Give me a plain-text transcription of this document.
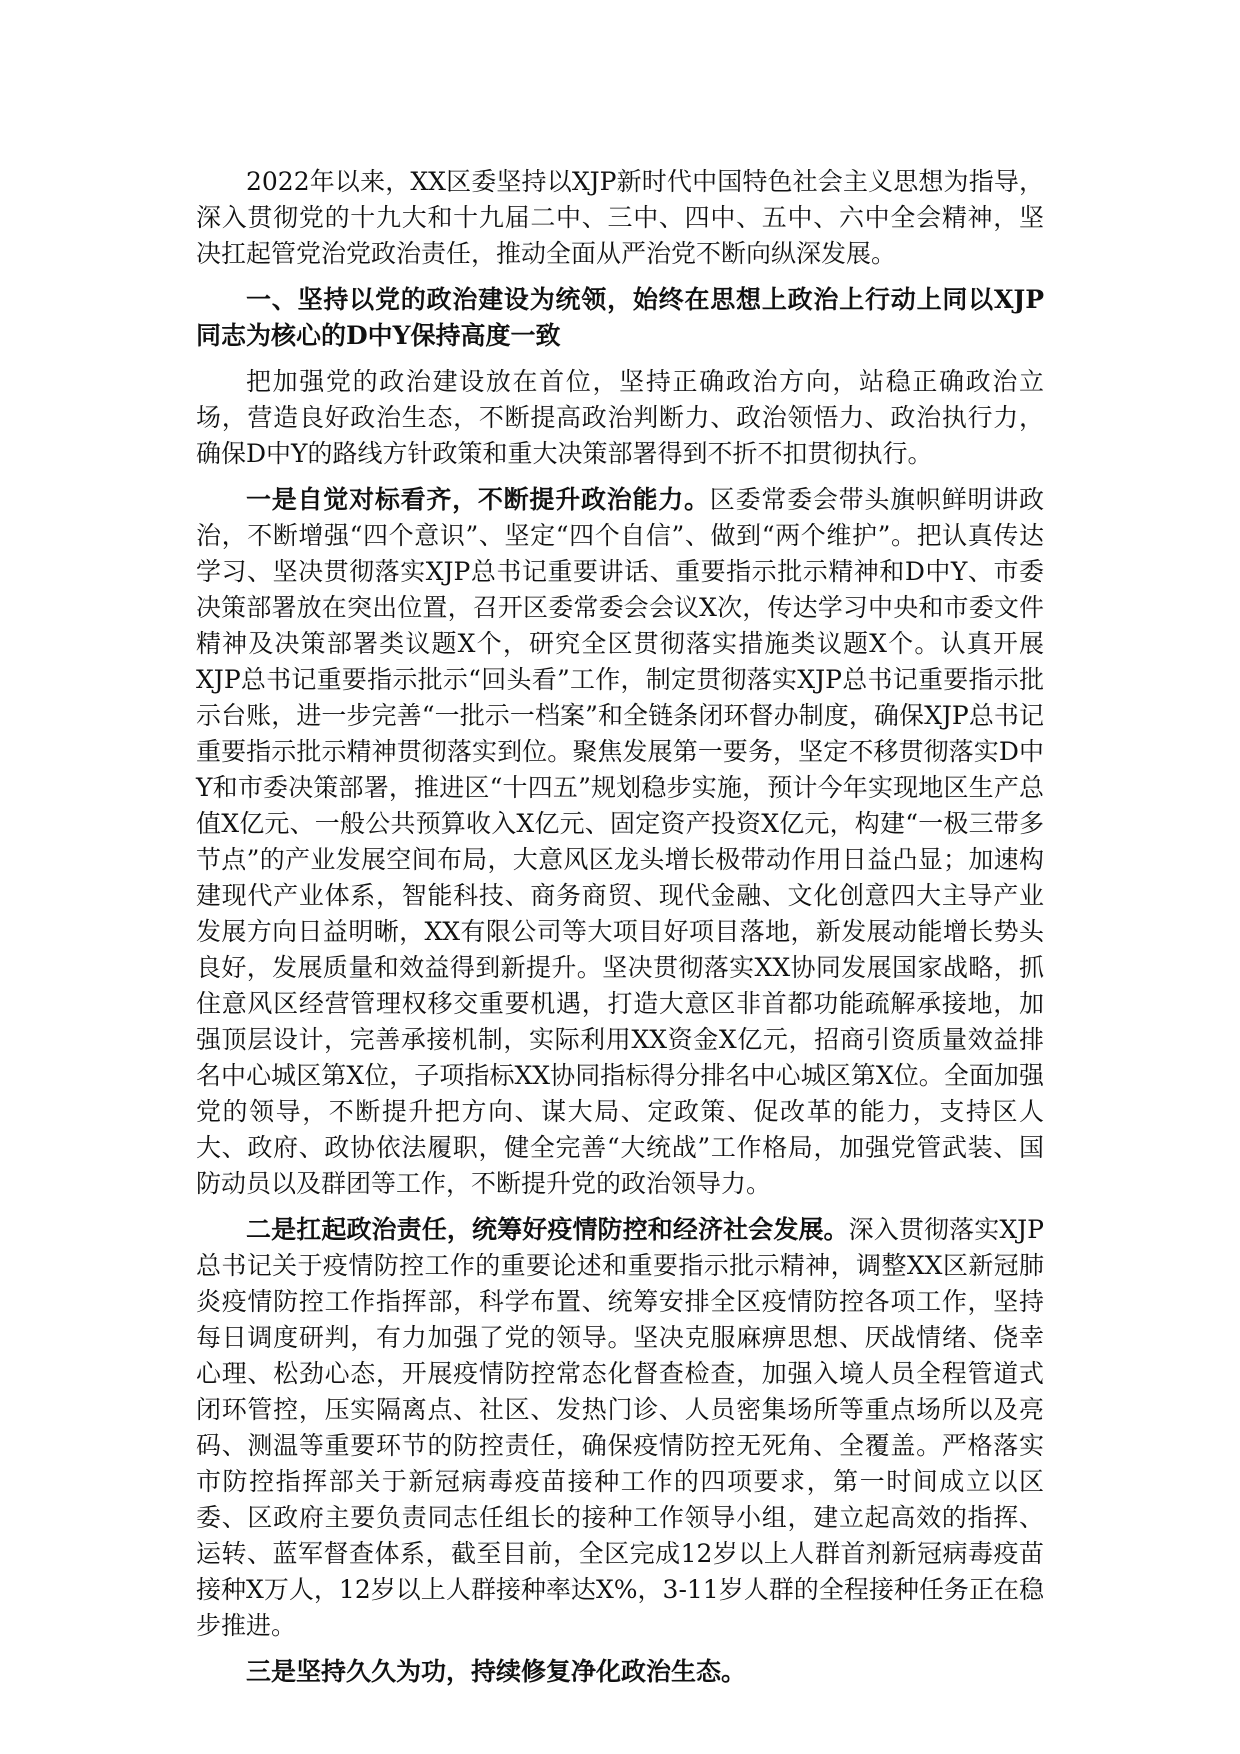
2022年以来，XX区委坚持以XJP新时代中国特色社会主义思想为指导，深入贯彻党的十九大和十九届二中、三中、四中、五中、六中全会精神，坚决扛起管党治党政治责任，推动全面从严治党不断向纵深发展。

一、坚持以党的政治建设为统领，始终在思想上政治上行动上同以XJP同志为核心的D中Y保持高度一致

把加强党的政治建设放在首位，坚持正确政治方向，站稳正确政治立场，营造良好政治生态，不断提高政治判断力、政治领悟力、政治执行力，确保D中Y的路线方针政策和重大决策部署得到不折不扣贯彻执行。

一是自觉对标看齐，不断提升政治能力。区委常委会带头旗帜鲜明讲政治，不断增强“四个意识”、坚定“四个自信”、做到“两个维护”。把认真传达学习、坚决贯彻落实XJP总书记重要讲话、重要指示批示精神和D中Y、市委决策部署放在突出位置，召开区委常委会会议X次，传达学习中央和市委文件精神及决策部署类议题X个，研究全区贯彻落实措施类议题X个。认真开展XJP总书记重要指示批示“回头看”工作，制定贯彻落实XJP总书记重要指示批示台账，进一步完善“一批示一档案”和全链条闭环督办制度，确保XJP总书记重要指示批示精神贯彻落实到位。聚焦发展第一要务，坚定不移贯彻落实D中Y和市委决策部署，推进区“十四五”规划稳步实施，预计今年实现地区生产总值X亿元、一般公共预算收入X亿元、固定资产投资X亿元，构建“一极三带多节点”的产业发展空间布局，大意风区龙头增长极带动作用日益凸显；加速构建现代产业体系，智能科技、商务商贸、现代金融、文化创意四大主导产业发展方向日益明晰，XX有限公司等大项目好项目落地，新发展动能增长势头良好，发展质量和效益得到新提升。坚决贯彻落实XX协同发展国家战略，抓住意风区经营管理权移交重要机遇，打造大意区非首都功能疏解承接地，加强顶层设计，完善承接机制，实际利用XX资金X亿元，招商引资质量效益排名中心城区第X位，子项指标XX协同指标得分排名中心城区第X位。全面加强党的领导，不断提升把方向、谋大局、定政策、促改革的能力，支持区人大、政府、政协依法履职，健全完善“大统战”工作格局，加强党管武装、国防动员以及群团等工作，不断提升党的政治领导力。

二是扛起政治责任，统筹好疫情防控和经济社会发展。深入贯彻落实XJP总书记关于疫情防控工作的重要论述和重要指示批示精神，调整XX区新冠肺炎疫情防控工作指挥部，科学布置、统筹安排全区疫情防控各项工作，坚持每日调度研判，有力加强了党的领导。坚决克服麻痹思想、厌战情绪、侥幸心理、松劲心态，开展疫情防控常态化督查检查，加强入境人员全程管道式闭环管控，压实隔离点、社区、发热门诊、人员密集场所等重点场所以及亮码、测温等重要环节的防控责任，确保疫情防控无死角、全覆盖。严格落实市防控指挥部关于新冠病毒疫苗接种工作的四项要求，第一时间成立以区委、区政府主要负责同志任组长的接种工作领导小组，建立起高效的指挥、运转、蓝军督查体系，截至目前，全区完成12岁以上人群首剂新冠病毒疫苗接种X万人，12岁以上人群接种率达X%，3-11岁人群的全程接种任务正在稳步推进。

三是坚持久久为功，持续修复净化政治生态。
